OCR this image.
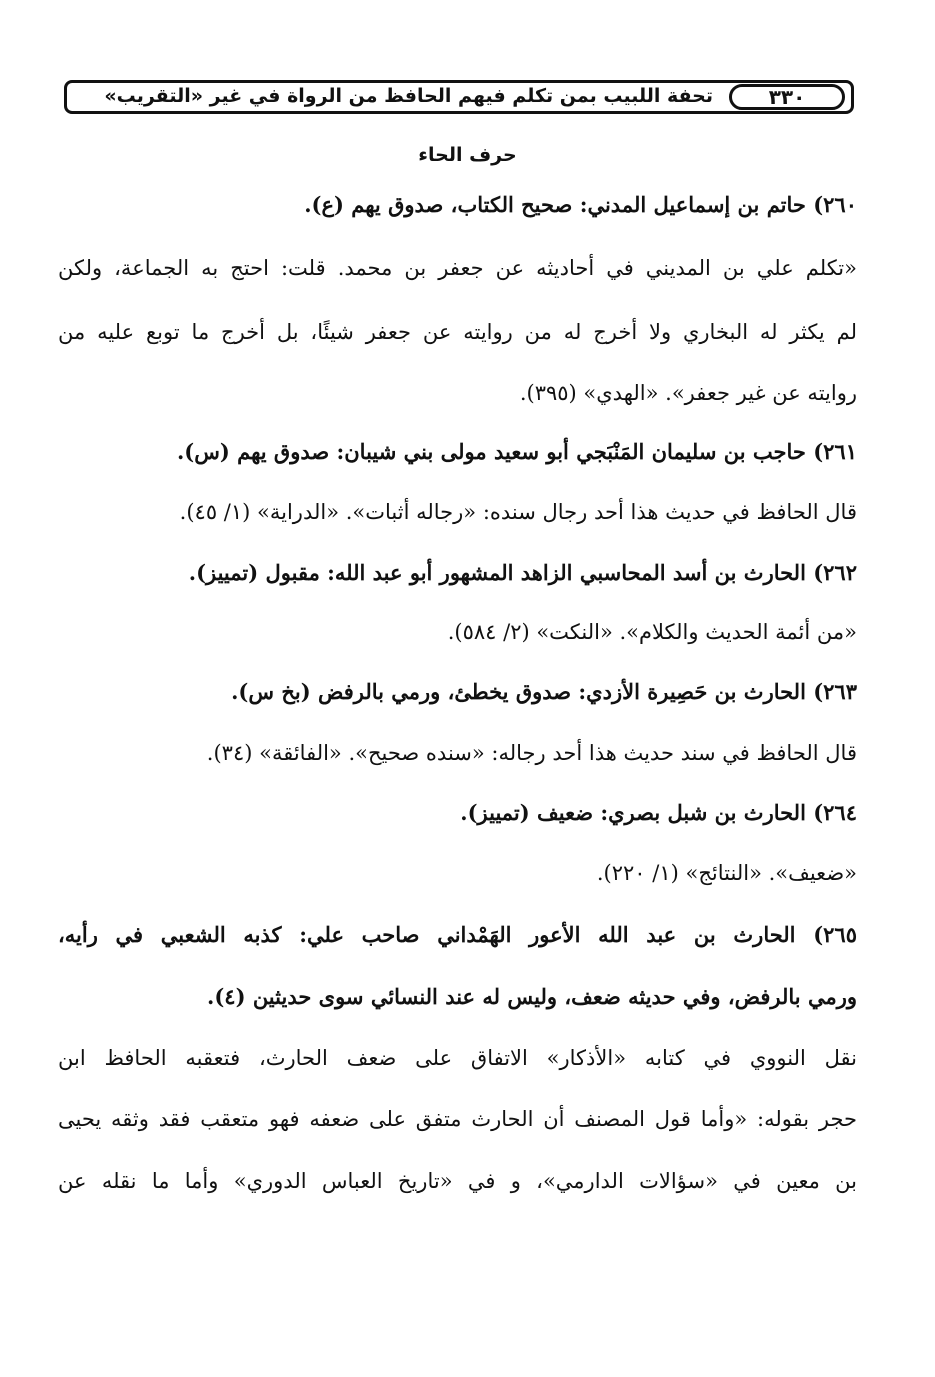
تحفة اللبيب بمن تكلم فيهم الحافظ من الرواة في غير «التقريب»	٣٣٠
حرف الحاء
٢٦٠) حاتم بن إسماعيل المدني: صحيح الكتاب، صدوق يهم (ع).
«تكلم علي بن المديني في أحاديثه عن جعفر بن محمد. قلت: احتج به الجماعة، ولكن
لم يكثر له البخاري ولا أخرج له من روايته عن جعفر شيئًا، بل أخرج ما توبع عليه من
روايته عن غير جعفر». «الهدي» (٣٩٥).
٢٦١) حاجب بن سليمان المَنْبَجي أبو سعيد مولى بني شيبان: صدوق يهم (س).
قال الحافظ في حديث هذا أحد رجال سنده: «رجاله أثبات». «الدراية» (١/ ٤٥).
٢٦٢) الحارث بن أسد المحاسبي الزاهد المشهور أبو عبد الله: مقبول (تمييز).
«من أئمة الحديث والكلام». «النكت» (٢/ ٥٨٤).
٢٦٣) الحارث بن حَصِيرة الأزدي: صدوق يخطئ، ورمي بالرفض (بخ س).
قال الحافظ في سند حديث هذا أحد رجاله: «سنده صحيح». «الفائقة» (٣٤).
٢٦٤) الحارث بن شبل بصري: ضعيف (تمييز).
«ضعيف». «النتائج» (١/ ٢٢٠).
٢٦٥) الحارث بن عبد الله الأعور الهَمْداني صاحب علي: كذبه الشعبي في رأيه،
ورمي بالرفض، وفي حديثه ضعف، وليس له عند النسائي سوى حديثين (٤).
نقل النووي في كتابه «الأذكار» الاتفاق على ضعف الحارث، فتعقبه الحافظ ابن
حجر بقوله: «وأما قول المصنف أن الحارث متفق على ضعفه فهو متعقب فقد وثقه يحيى
بن معين في «سؤالات الدارمي»، و في «تاريخ العباس الدوري» وأما ما نقله عن
